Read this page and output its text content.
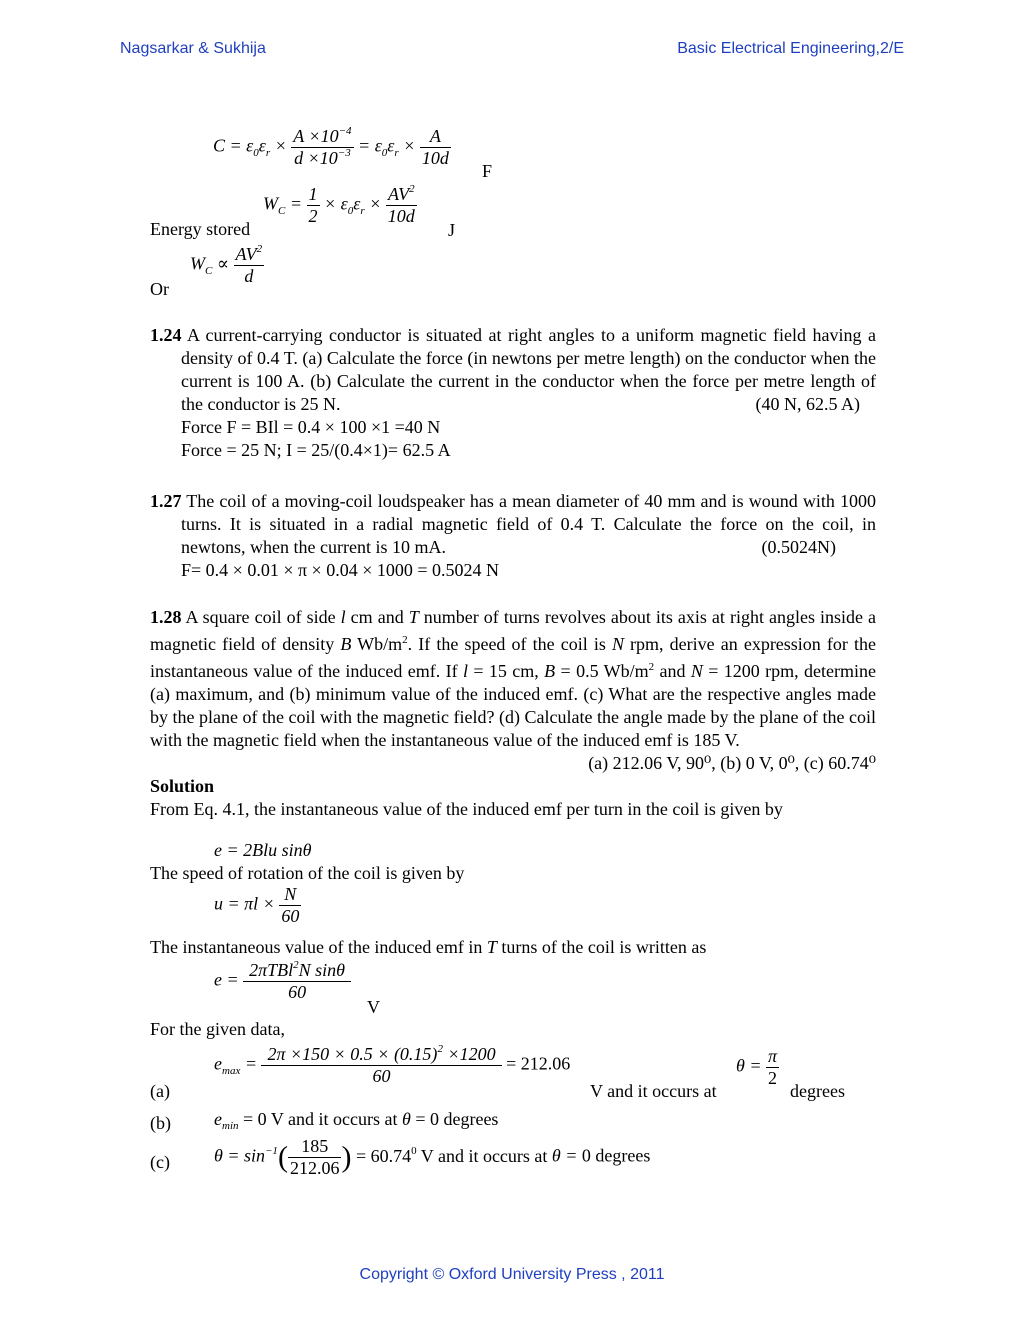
Nagsarkar & Sukhija	Basic Electrical Engineering,2/E
Copyright © Oxford University Press , 2011
$C = \varepsilon_0\varepsilon_r \times \frac{A \times 10^{-4}}{d \times 10^{-3}} = \varepsilon_0\varepsilon_r \times \frac{A}{10d}$
F
Energy stored
$W_C = \frac{1}{2} \times \varepsilon_0\varepsilon_r \times \frac{AV^2}{10d}$
J
Or
$W_C \propto \frac{AV^2}{d}$
1.24 A current-carrying conductor is situated at right angles to a uniform magnetic field having a density of 0.4 T. (a) Calculate the force (in newtons per metre length) on the conductor when the current is 100 A. (b) Calculate the current in the conductor when the force per metre length of the conductor is 25 N.	(40 N, 62.5 A)
Force F = BIl = 0.4 × 100 ×1 =40 N
Force = 25 N; I = 25/(0.4×1)= 62.5 A
1.27 The coil of a moving-coil loudspeaker has a mean diameter of 40 mm and is wound with 1000 turns. It is situated in a radial magnetic field of 0.4 T. Calculate the force on the coil, in newtons, when the current is 10 mA.	(0.5024N)
F= 0.4 × 0.01 × π × 0.04 × 1000 = 0.5024 N
1.28 A square coil of side l cm and T number of turns revolves about its axis at right angles inside a magnetic field of density B $Wb/m^2$. If the speed of the coil is N rpm, derive an expression for the instantaneous value of the induced emf. If l = 15 cm, B = 0.5 $Wb/m^2$ and N = 1200 rpm, determine (a) maximum, and (b) minimum value of the induced emf. (c) What are the respective angles made by the plane of the coil with the magnetic field? (d) Calculate the angle made by the plane of the coil with the magnetic field when the instantaneous value of the induced emf is 185 V.
(a) 212.06 V, 90⁰, (b) 0 V, 0⁰, (c) 60.74⁰
Solution
From Eq. 4.1, the instantaneous value of the induced emf per turn in the coil is given by
e = 2Blu sinθ
The speed of rotation of the coil is given by
$u = \pi l \times \frac{N}{60}$
The instantaneous value of the induced emf in T turns of the coil is written as
$e = \frac{2\pi TBl^2N \sin\theta}{60}$
V
For the given data,
(a)
$e_{max} = \frac{2\pi \times 150 \times 0.5 \times (0.15)^2 \times 1200}{60} = 212.06$
V and it occurs at
$\theta = \frac{\pi}{2}$
degrees
(b) $e_{min} = 0$ V and it occurs at θ = 0 degrees
(c) $\theta = \sin^{-1}( \frac{185}{212.06}$ ) = $60.74^0$ V and it occurs at θ = 0 degrees
